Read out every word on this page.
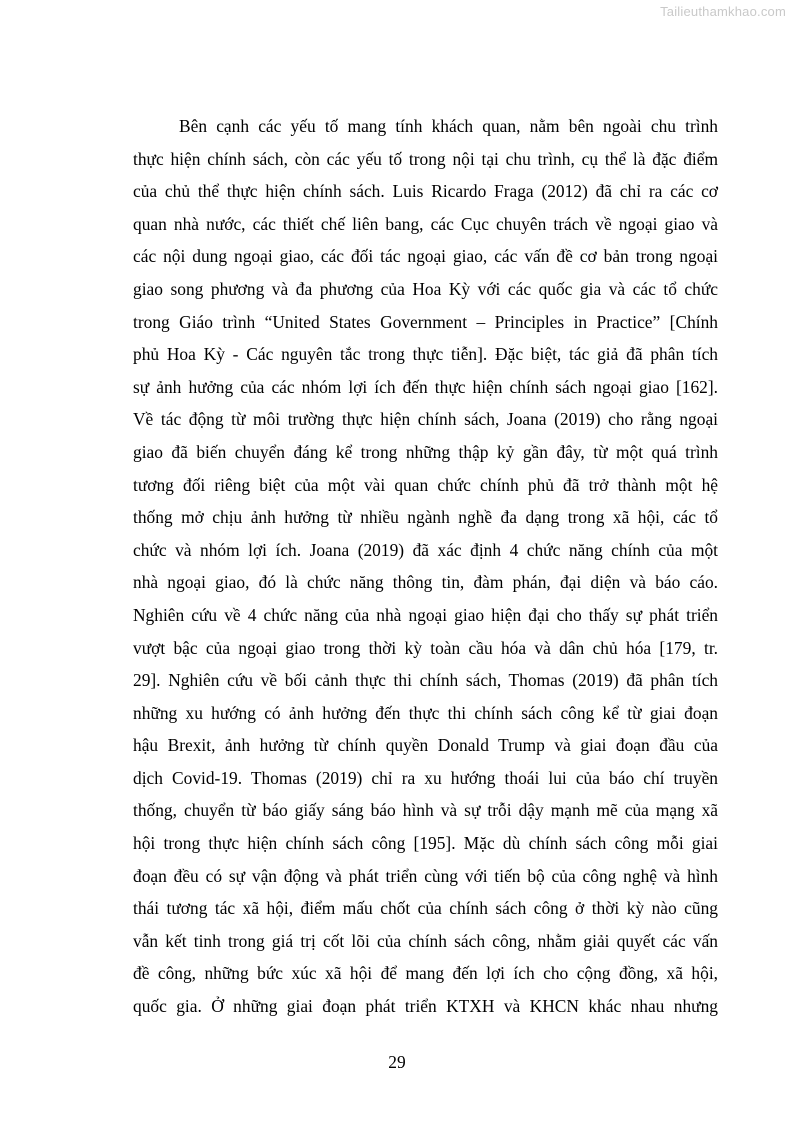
Tailieuthamkhao.com
Bên cạnh các yếu tố mang tính khách quan, nằm bên ngoài chu trình
thực hiện chính sách, còn các yếu tố trong nội tại chu trình, cụ thể là đặc điểm
của chủ thể thực hiện chính sách. Luis Ricardo Fraga (2012) đã chỉ ra các cơ
quan nhà nước, các thiết chế liên bang, các Cục chuyên trách về ngoại giao và
các nội dung ngoại giao, các đối tác ngoại giao, các vấn đề cơ bản trong ngoại
giao song phương và đa phương của Hoa Kỳ với các quốc gia và các tổ chức
trong Giáo trình “United States Government – Principles in Practice” [Chính
phủ Hoa Kỳ - Các nguyên tắc trong thực tiễn]. Đặc biệt, tác giả đã phân tích
sự ảnh hưởng của các nhóm lợi ích đến thực hiện chính sách ngoại giao [162].
Về tác động từ môi trường thực hiện chính sách, Joana (2019) cho rằng ngoại
giao đã biến chuyển đáng kể trong những thập kỷ gần đây, từ một quá trình
tương đối riêng biệt của một vài quan chức chính phủ đã trở thành một hệ
thống mở chịu ảnh hưởng từ nhiều ngành nghề đa dạng trong xã hội, các tổ
chức và nhóm lợi ích. Joana (2019) đã xác định 4 chức năng chính của một
nhà ngoại giao, đó là chức năng thông tin, đàm phán, đại diện và báo cáo.
Nghiên cứu về 4 chức năng của nhà ngoại giao hiện đại cho thấy sự phát triển
vượt bậc của ngoại giao trong thời kỳ toàn cầu hóa và dân chủ hóa [179, tr.
29]. Nghiên cứu về bối cảnh thực thi chính sách, Thomas (2019) đã phân tích
những xu hướng có ảnh hưởng đến thực thi chính sách công kể từ giai đoạn
hậu Brexit, ảnh hưởng từ chính quyền Donald Trump và giai đoạn đầu của
dịch Covid-19. Thomas (2019) chỉ ra xu hướng thoái lui của báo chí truyền
thống, chuyển từ báo giấy sáng báo hình và sự trỗi dậy mạnh mẽ của mạng xã
hội trong thực hiện chính sách công [195]. Mặc dù chính sách công mỗi giai
đoạn đều có sự vận động và phát triển cùng với tiến bộ của công nghệ và hình
thái tương tác xã hội, điểm mấu chốt của chính sách công ở thời kỳ nào cũng
vẫn kết tinh trong giá trị cốt lõi của chính sách công, nhằm giải quyết các vấn
đề công, những bức xúc xã hội để mang đến lợi ích cho cộng đồng, xã hội,
quốc gia. Ở những giai đoạn phát triển KTXH và KHCN khác nhau nhưng
29
